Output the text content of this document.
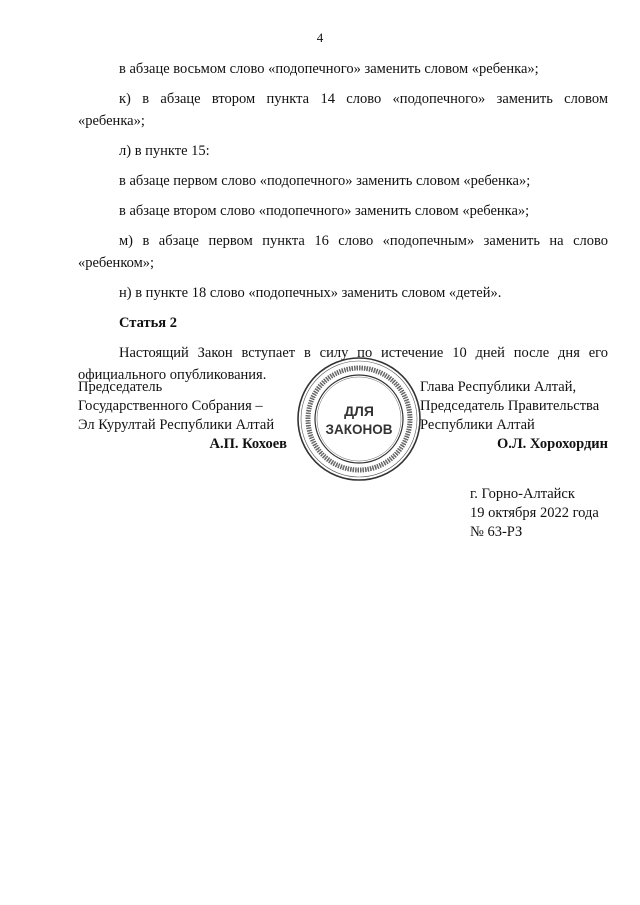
4

в абзаце восьмом слово «подопечного» заменить словом «ребенка»;

к) в абзаце втором пункта 14 слово «подопечного» заменить словом «ребенка»;

л) в пункте 15:

в абзаце первом слово «подопечного» заменить словом «ребенка»;

в абзаце втором слово «подопечного» заменить словом «ребенка»;

м) в абзаце первом пункта 16 слово «подопечным» заменить на слово «ребенком»;

н) в пункте 18 слово «подопечных» заменить словом «детей».

Статья 2

Настоящий Закон вступает в силу по истечение 10 дней после дня его официального опубликования.

Председатель
Государственного Собрания –
Эл Курултай Республики Алтай
А.П. Кохоев
ДЛЯ
ЗАКОНОВ
Глава Республики Алтай,
Председатель Правительства
Республики Алтай
О.Л. Хорохордин
г. Горно-Алтайск
19 октября 2022 года
№ 63-РЗ
